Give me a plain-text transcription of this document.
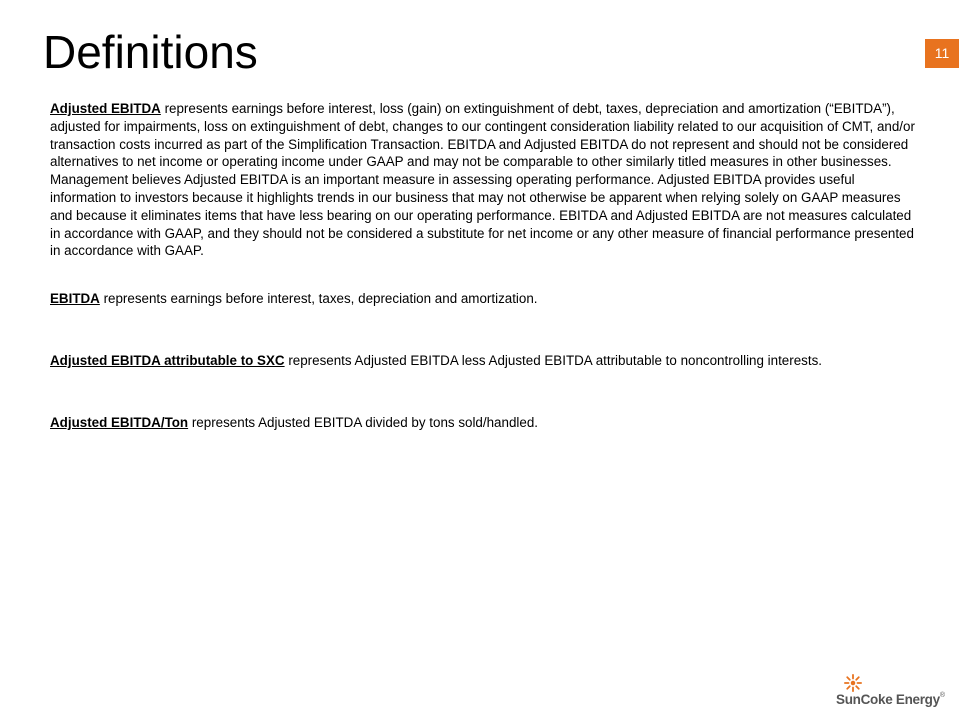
Definitions	11

Adjusted EBITDA represents earnings before interest, loss (gain) on extinguishment of debt, taxes, depreciation and amortization (“EBITDA”), adjusted for impairments, loss on extinguishment of debt, changes to our contingent consideration liability related to our acquisition of CMT, and/or transaction costs incurred as part of the Simplification Transaction. EBITDA and Adjusted EBITDA do not represent and should not be considered alternatives to net income or operating income under GAAP and may not be comparable to other similarly titled measures in other businesses. Management believes Adjusted EBITDA is an important measure in assessing operating performance. Adjusted EBITDA provides useful information to investors because it highlights trends in our business that may not otherwise be apparent when relying solely on GAAP measures and because it eliminates items that have less bearing on our operating performance. EBITDA and Adjusted EBITDA are not measures calculated in accordance with GAAP, and they should not be considered a substitute for net income or any other measure of financial performance presented in accordance with GAAP.

EBITDA represents earnings before interest, taxes, depreciation and amortization.

Adjusted EBITDA attributable to SXC represents Adjusted EBITDA less Adjusted EBITDA attributable to noncontrolling interests.

Adjusted EBITDA/Ton represents Adjusted EBITDA divided by tons sold/handled.

SunCoke Energy®
